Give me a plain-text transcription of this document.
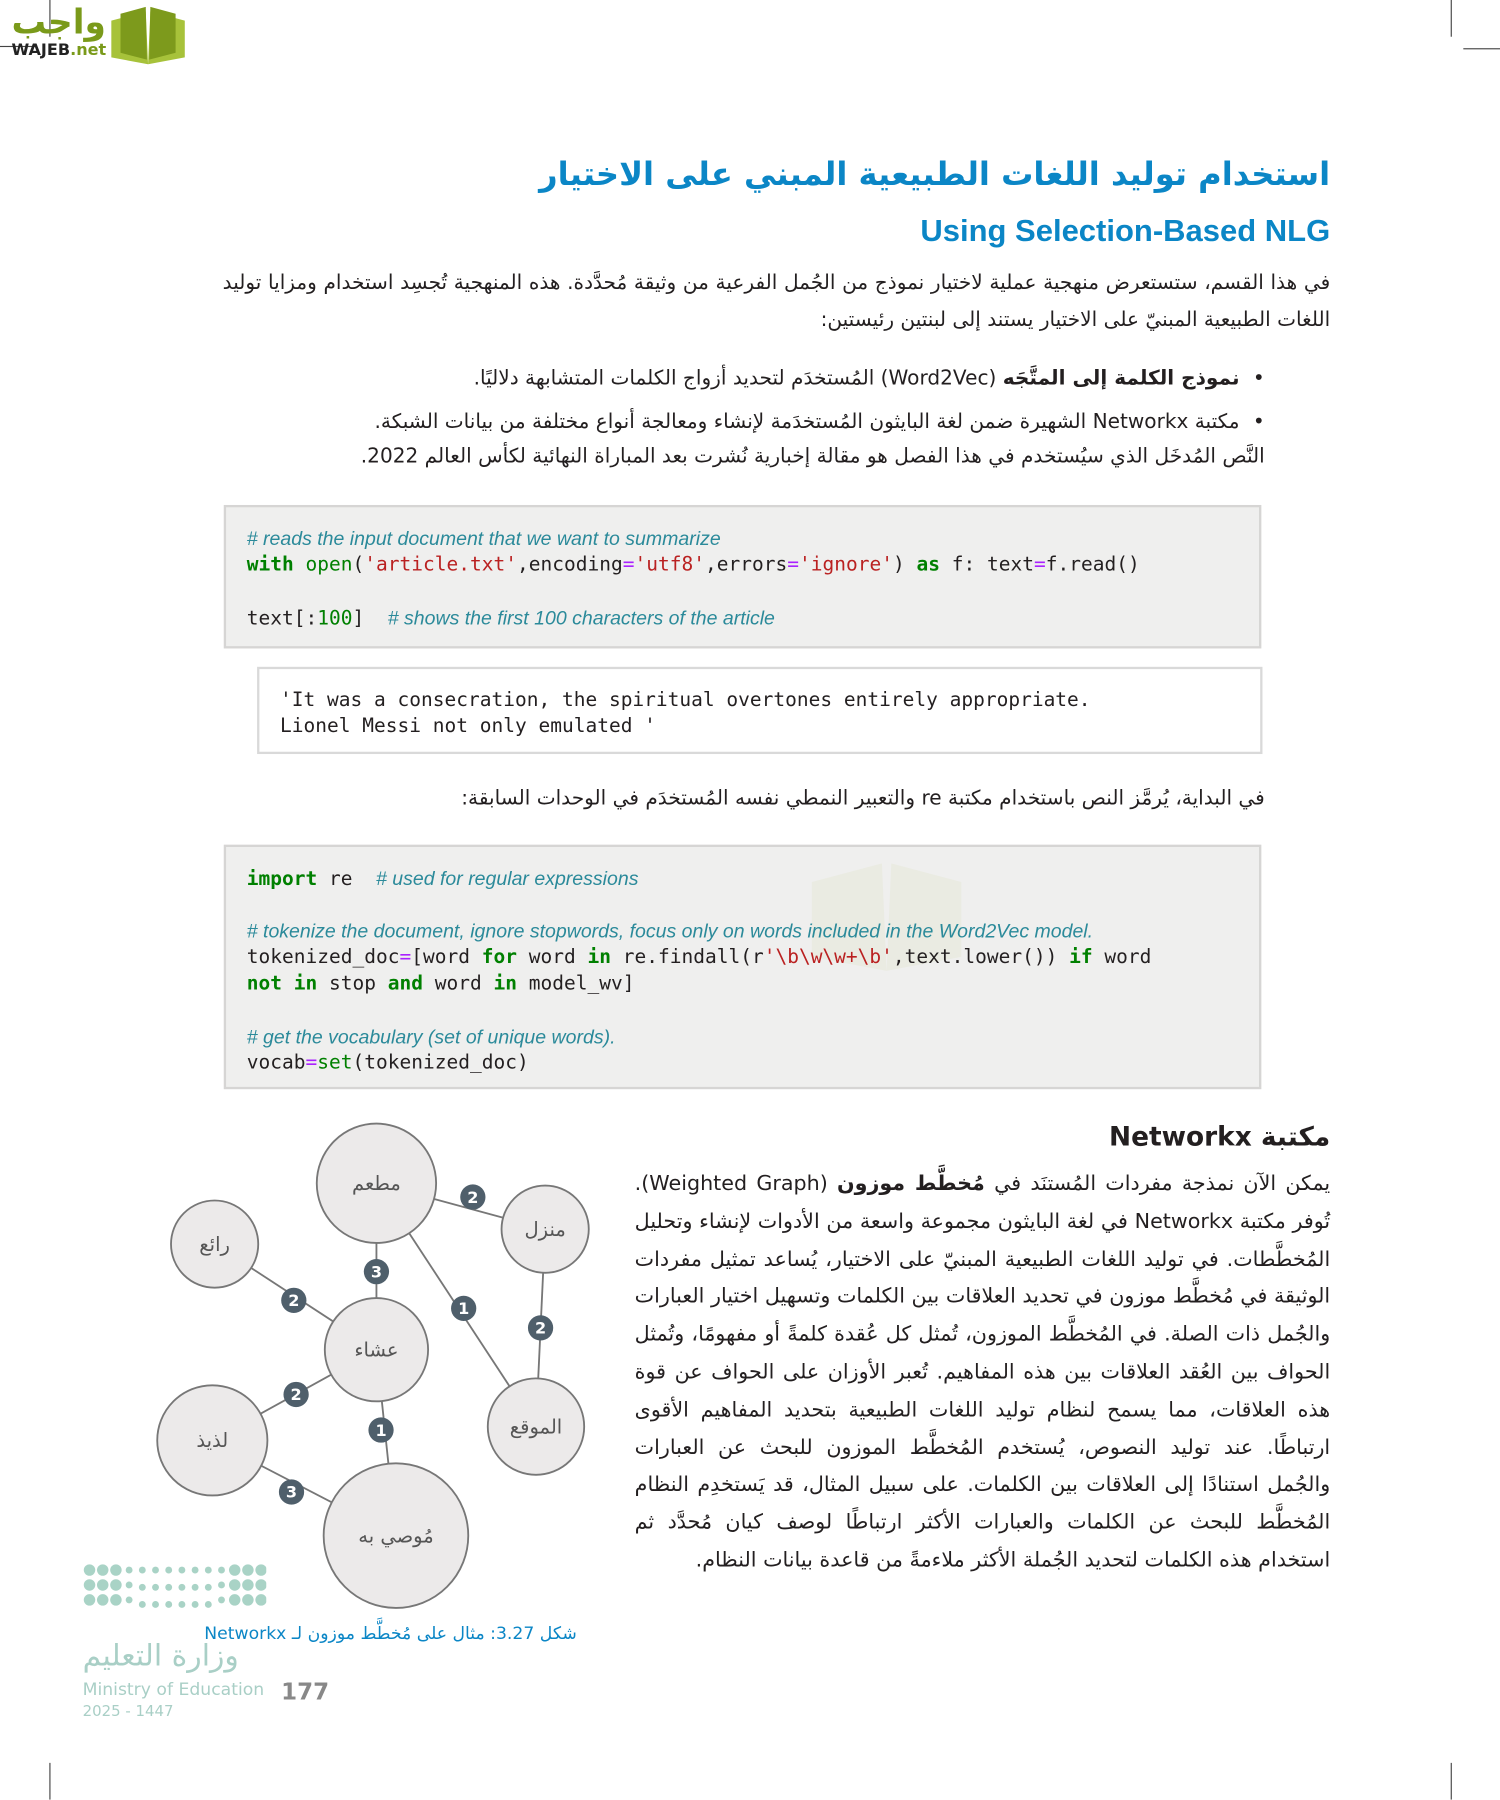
واجب
WAJEB.net
استخدام توليد اللغات الطبيعية المبني على الاختيار
Using Selection-Based NLG
في هذا القسم، ستستعرض منهجية عملية لاختيار نموذج من الجُمل الفرعية من وثيقة مُحدَّدة. هذه المنهجية تُجسِد استخدام ومزايا توليد اللغات الطبيعية المبنيّ على الاختيار يستند إلى لبنتين رئيستين:
• نموذج الكلمة إلى المتَّجَه (Word2Vec) المُستخدَم لتحديد أزواج الكلمات المتشابهة دلاليًا.
• مكتبة Networkx الشهيرة ضمن لغة البايثون المُستخدَمة لإنشاء ومعالجة أنواع مختلفة من بيانات الشبكة.
النَّص المُدخَل الذي سيُستخدم في هذا الفصل هو مقالة إخبارية نُشرت بعد المباراة النهائية لكأس العالم 2022.
# reads the input document that we want to summarize
with open('article.txt',encoding='utf8',errors='ignore') as f: text=f.read()
text[:100]  # shows the first 100 characters of the article
'It was a consecration, the spiritual overtones entirely appropriate.
Lionel Messi not only emulated '
في البداية، يُرمَّز النص باستخدام مكتبة re والتعبير النمطي نفسه المُستخدَم في الوحدات السابقة:
import re  # used for regular expressions
# tokenize the document, ignore stopwords, focus only on words included in the Word2Vec model.
tokenized_doc=[word for word in re.findall(r'\b\w\w+\b',text.lower()) if word
not in stop and word in model_wv]
# get the vocabulary (set of unique words).
vocab=set(tokenized_doc)
مكتبة Networkx
يمكن الآن نمذجة مفردات المُستنَد في مُخطَّط موزون (Weighted Graph). تُوفر مكتبة Networkx في لغة البايثون مجموعة واسعة من الأدوات لإنشاء وتحليل المُخطَّطات. في توليد اللغات الطبيعية المبنيّ على الاختيار، يُساعد تمثيل مفردات الوثيقة في مُخطَّط موزون في تحديد العلاقات بين الكلمات وتسهيل اختيار العبارات والجُمل ذات الصلة. في المُخطَّط الموزون، تُمثل كل عُقدة كلمةً أو مفهومًا، وتُمثل الحواف بين العُقد العلاقات بين هذه المفاهيم. تُعبر الأوزان على الحواف عن قوة هذه العلاقات، مما يسمح لنظام توليد اللغات الطبيعية بتحديد المفاهيم الأقوى ارتباطًا. عند توليد النصوص، يُستخدم المُخطَّط الموزون للبحث عن العبارات والجُمل استنادًا إلى العلاقات بين الكلمات. على سبيل المثال، قد يَستخدِم النظام المُخطَّط للبحث عن الكلمات والعبارات الأكثر ارتباطًا لوصف كيان مُحدَّد ثم استخدام هذه الكلمات لتحديد الجُملة الأكثر ملاءمةً من قاعدة بيانات النظام.
مطعم
منزل
رائع
عشاء
لذيذ
الموقع
مُوصي به
2
3
1
2
2
2
1
3
شكل 3.27: مثال على مُخطَّط موزون لـ Networkx
وزارة التعليم
177
Ministry of Education
2025 - 1447
